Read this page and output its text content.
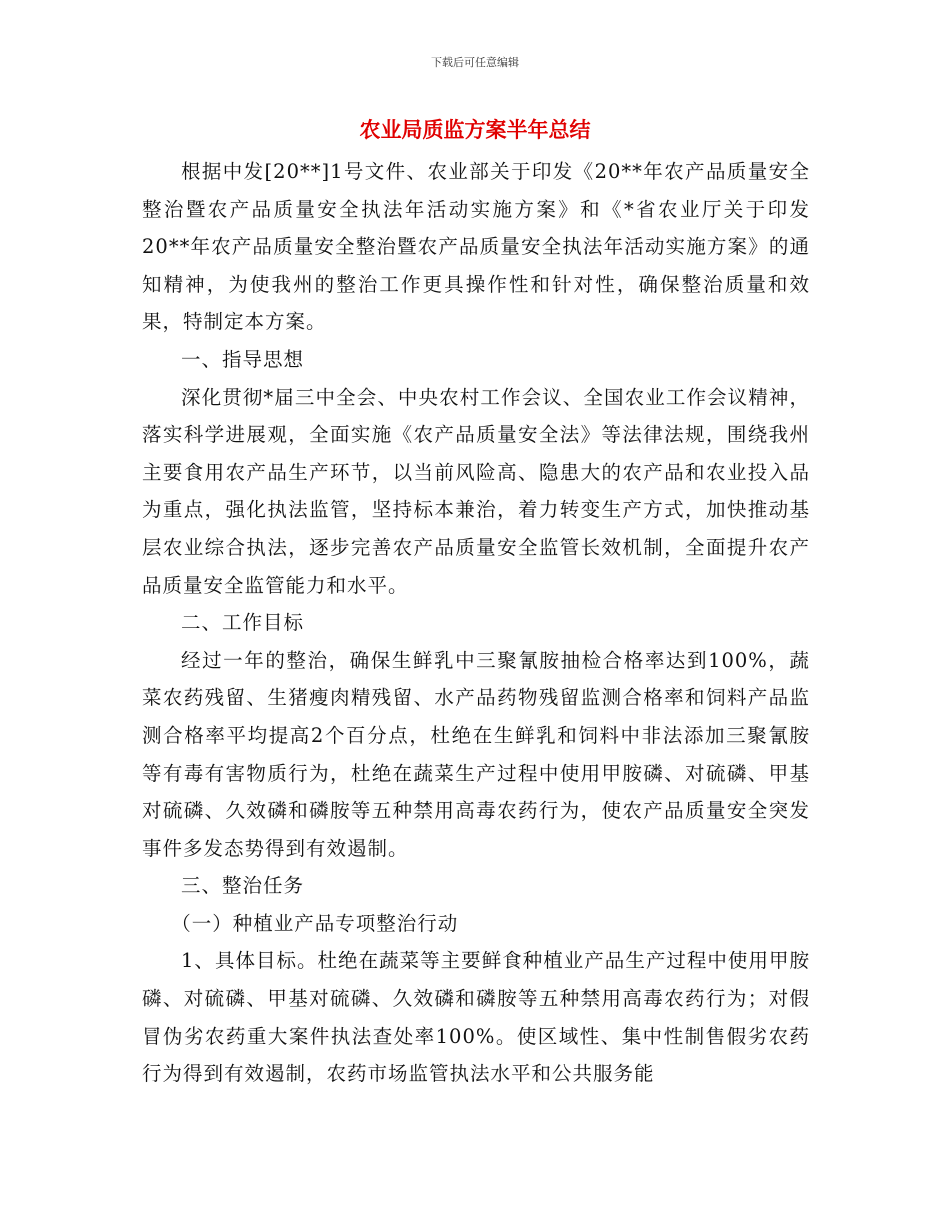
下载后可任意编辑
农业局质监方案半年总结

根据中发[20**]1号文件、农业部关于印发《20**年农产品质量安全整治暨农产品质量安全执法年活动实施方案》和《*省农业厅关于印发20**年农产品质量安全整治暨农产品质量安全执法年活动实施方案》的通知精神，为使我州的整治工作更具操作性和针对性，确保整治质量和效果，特制定本方案。

一、指导思想

深化贯彻*届三中全会、中央农村工作会议、全国农业工作会议精神，落实科学进展观，全面实施《农产品质量安全法》等法律法规，围绕我州主要食用农产品生产环节，以当前风险高、隐患大的农产品和农业投入品为重点，强化执法监管，坚持标本兼治，着力转变生产方式，加快推动基层农业综合执法，逐步完善农产品质量安全监管长效机制，全面提升农产品质量安全监管能力和水平。

二、工作目标

经过一年的整治，确保生鲜乳中三聚氰胺抽检合格率达到100%，蔬菜农药残留、生猪瘦肉精残留、水产品药物残留监测合格率和饲料产品监测合格率平均提高2个百分点，杜绝在生鲜乳和饲料中非法添加三聚氰胺等有毒有害物质行为，杜绝在蔬菜生产过程中使用甲胺磷、对硫磷、甲基对硫磷、久效磷和磷胺等五种禁用高毒农药行为，使农产品质量安全突发事件多发态势得到有效遏制。

三、整治任务

（一）种植业产品专项整治行动

1、具体目标。杜绝在蔬菜等主要鲜食种植业产品生产过程中使用甲胺磷、对硫磷、甲基对硫磷、久效磷和磷胺等五种禁用高毒农药行为；对假冒伪劣农药重大案件执法查处率100%。使区域性、集中性制售假劣农药行为得到有效遏制，农药市场监管执法水平和公共服务能
